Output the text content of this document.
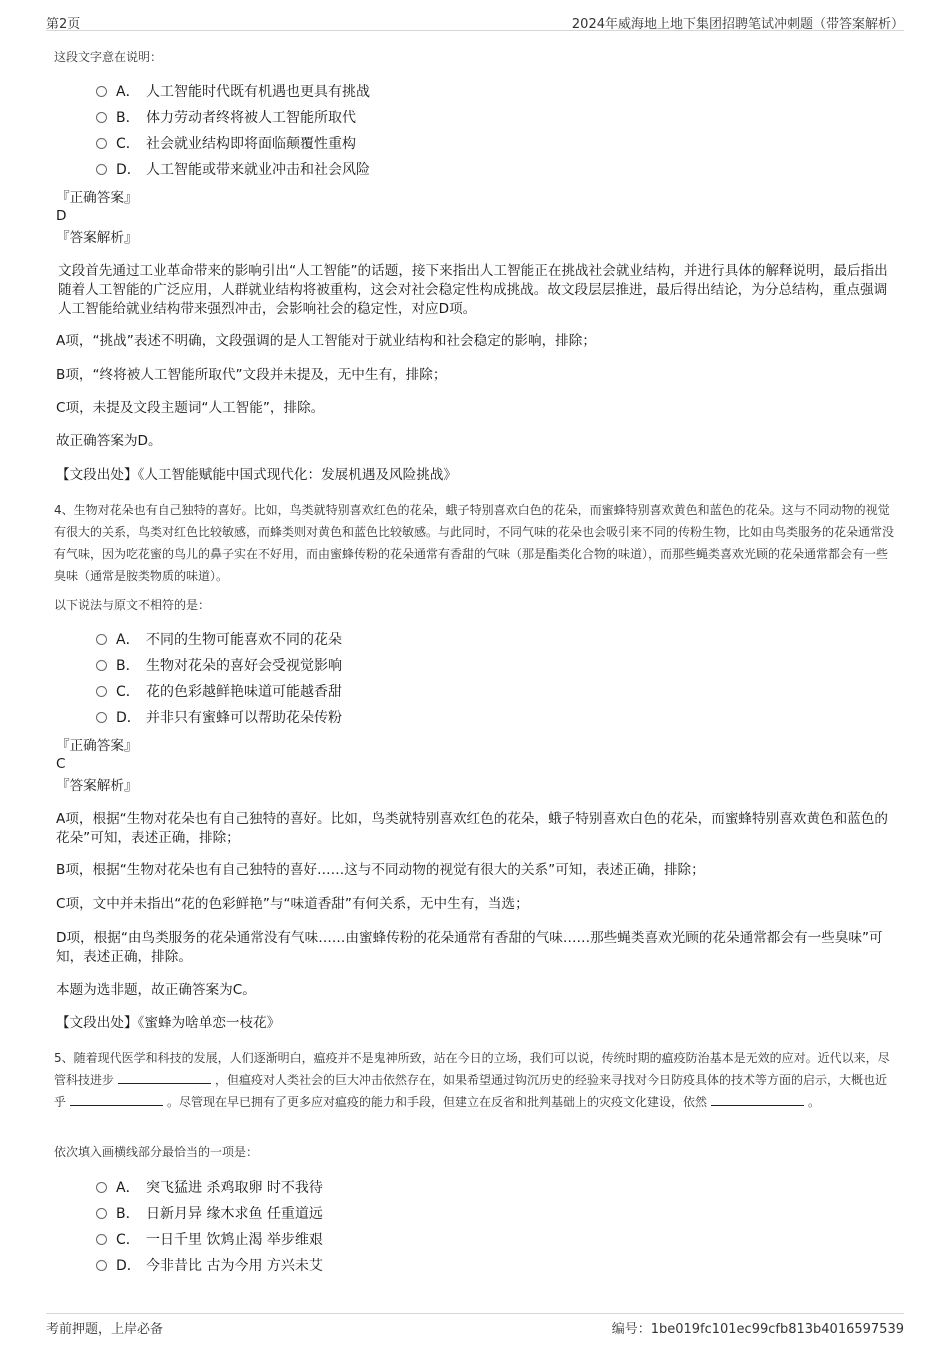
第2页	2024年威海地上地下集团招聘笔试冲刺题（带答案解析）
这段文字意在说明：
A． 人工智能时代既有机遇也更具有挑战
B． 体力劳动者终将被人工智能所取代
C． 社会就业结构即将面临颠覆性重构
D． 人工智能或带来就业冲击和社会风险
『正确答案』
D
『答案解析』
文段首先通过工业革命带来的影响引出“人工智能”的话题，接下来指出人工智能正在挑战社会就业结构，并进行具体的解释说明，最后指出随着人工智能的广泛应用，人群就业结构将被重构，这会对社会稳定性构成挑战。故文段层层推进，最后得出结论，为分总结构，重点强调人工智能给就业结构带来强烈冲击，会影响社会的稳定性，对应D项。
A项，“挑战”表述不明确，文段强调的是人工智能对于就业结构和社会稳定的影响，排除；
B项，“终将被人工智能所取代”文段并未提及，无中生有，排除；
C项，未提及文段主题词“人工智能”，排除。
故正确答案为D。
【文段出处】《人工智能赋能中国式现代化：发展机遇及风险挑战》
4、生物对花朵也有自己独特的喜好。比如，鸟类就特别喜欢红色的花朵，蛾子特别喜欢白色的花朵，而蜜蜂特别喜欢黄色和蓝色的花朵。这与不同动物的视觉有很大的关系，鸟类对红色比较敏感，而蜂类则对黄色和蓝色比较敏感。与此同时，不同气味的花朵也会吸引来不同的传粉生物，比如由鸟类服务的花朵通常没有气味，因为吃花蜜的鸟儿的鼻子实在不好用，而由蜜蜂传粉的花朵通常有香甜的气味（那是酯类化合物的味道），而那些蝇类喜欢光顾的花朵通常都会有一些臭味（通常是胺类物质的味道）。
以下说法与原文不相符的是：
A． 不同的生物可能喜欢不同的花朵
B． 生物对花朵的喜好会受视觉影响
C． 花的色彩越鲜艳味道可能越香甜
D． 并非只有蜜蜂可以帮助花朵传粉
『正确答案』
C
『答案解析』
A项，根据“生物对花朵也有自己独特的喜好。比如，鸟类就特别喜欢红色的花朵，蛾子特别喜欢白色的花朵，而蜜蜂特别喜欢黄色和蓝色的花朵”可知，表述正确，排除；
B项，根据“生物对花朵也有自己独特的喜好……这与不同动物的视觉有很大的关系”可知，表述正确，排除；
C项，文中并未指出“花的色彩鲜艳”与“味道香甜”有何关系，无中生有，当选；
D项，根据“由鸟类服务的花朵通常没有气味……由蜜蜂传粉的花朵通常有香甜的气味……那些蝇类喜欢光顾的花朵通常都会有一些臭味”可知，表述正确，排除。
本题为选非题，故正确答案为C。
【文段出处】《蜜蜂为啥单恋一枝花》
5、随着现代医学和科技的发展，人们逐渐明白，瘟疫并不是鬼神所致，站在今日的立场，我们可以说，传统时期的瘟疫防治基本是无效的应对。近代以来，尽管科技进步	，但瘟疫对人类社会的巨大冲击依然存在，如果希望通过钩沉历史的经验来寻找对今日防疫具体的技术等方面的启示，大概也近乎	。尽管现在早已拥有了更多应对瘟疫的能力和手段，但建立在反省和批判基础上的灾疫文化建设，依然	。
依次填入画横线部分最恰当的一项是：
A． 突飞猛进 杀鸡取卵 时不我待
B． 日新月异 缘木求鱼 任重道远
C． 一日千里 饮鸩止渴 举步维艰
D． 今非昔比 古为今用 方兴未艾
考前押题，上岸必备	编号：1be019fc101ec99cfb813b4016597539
